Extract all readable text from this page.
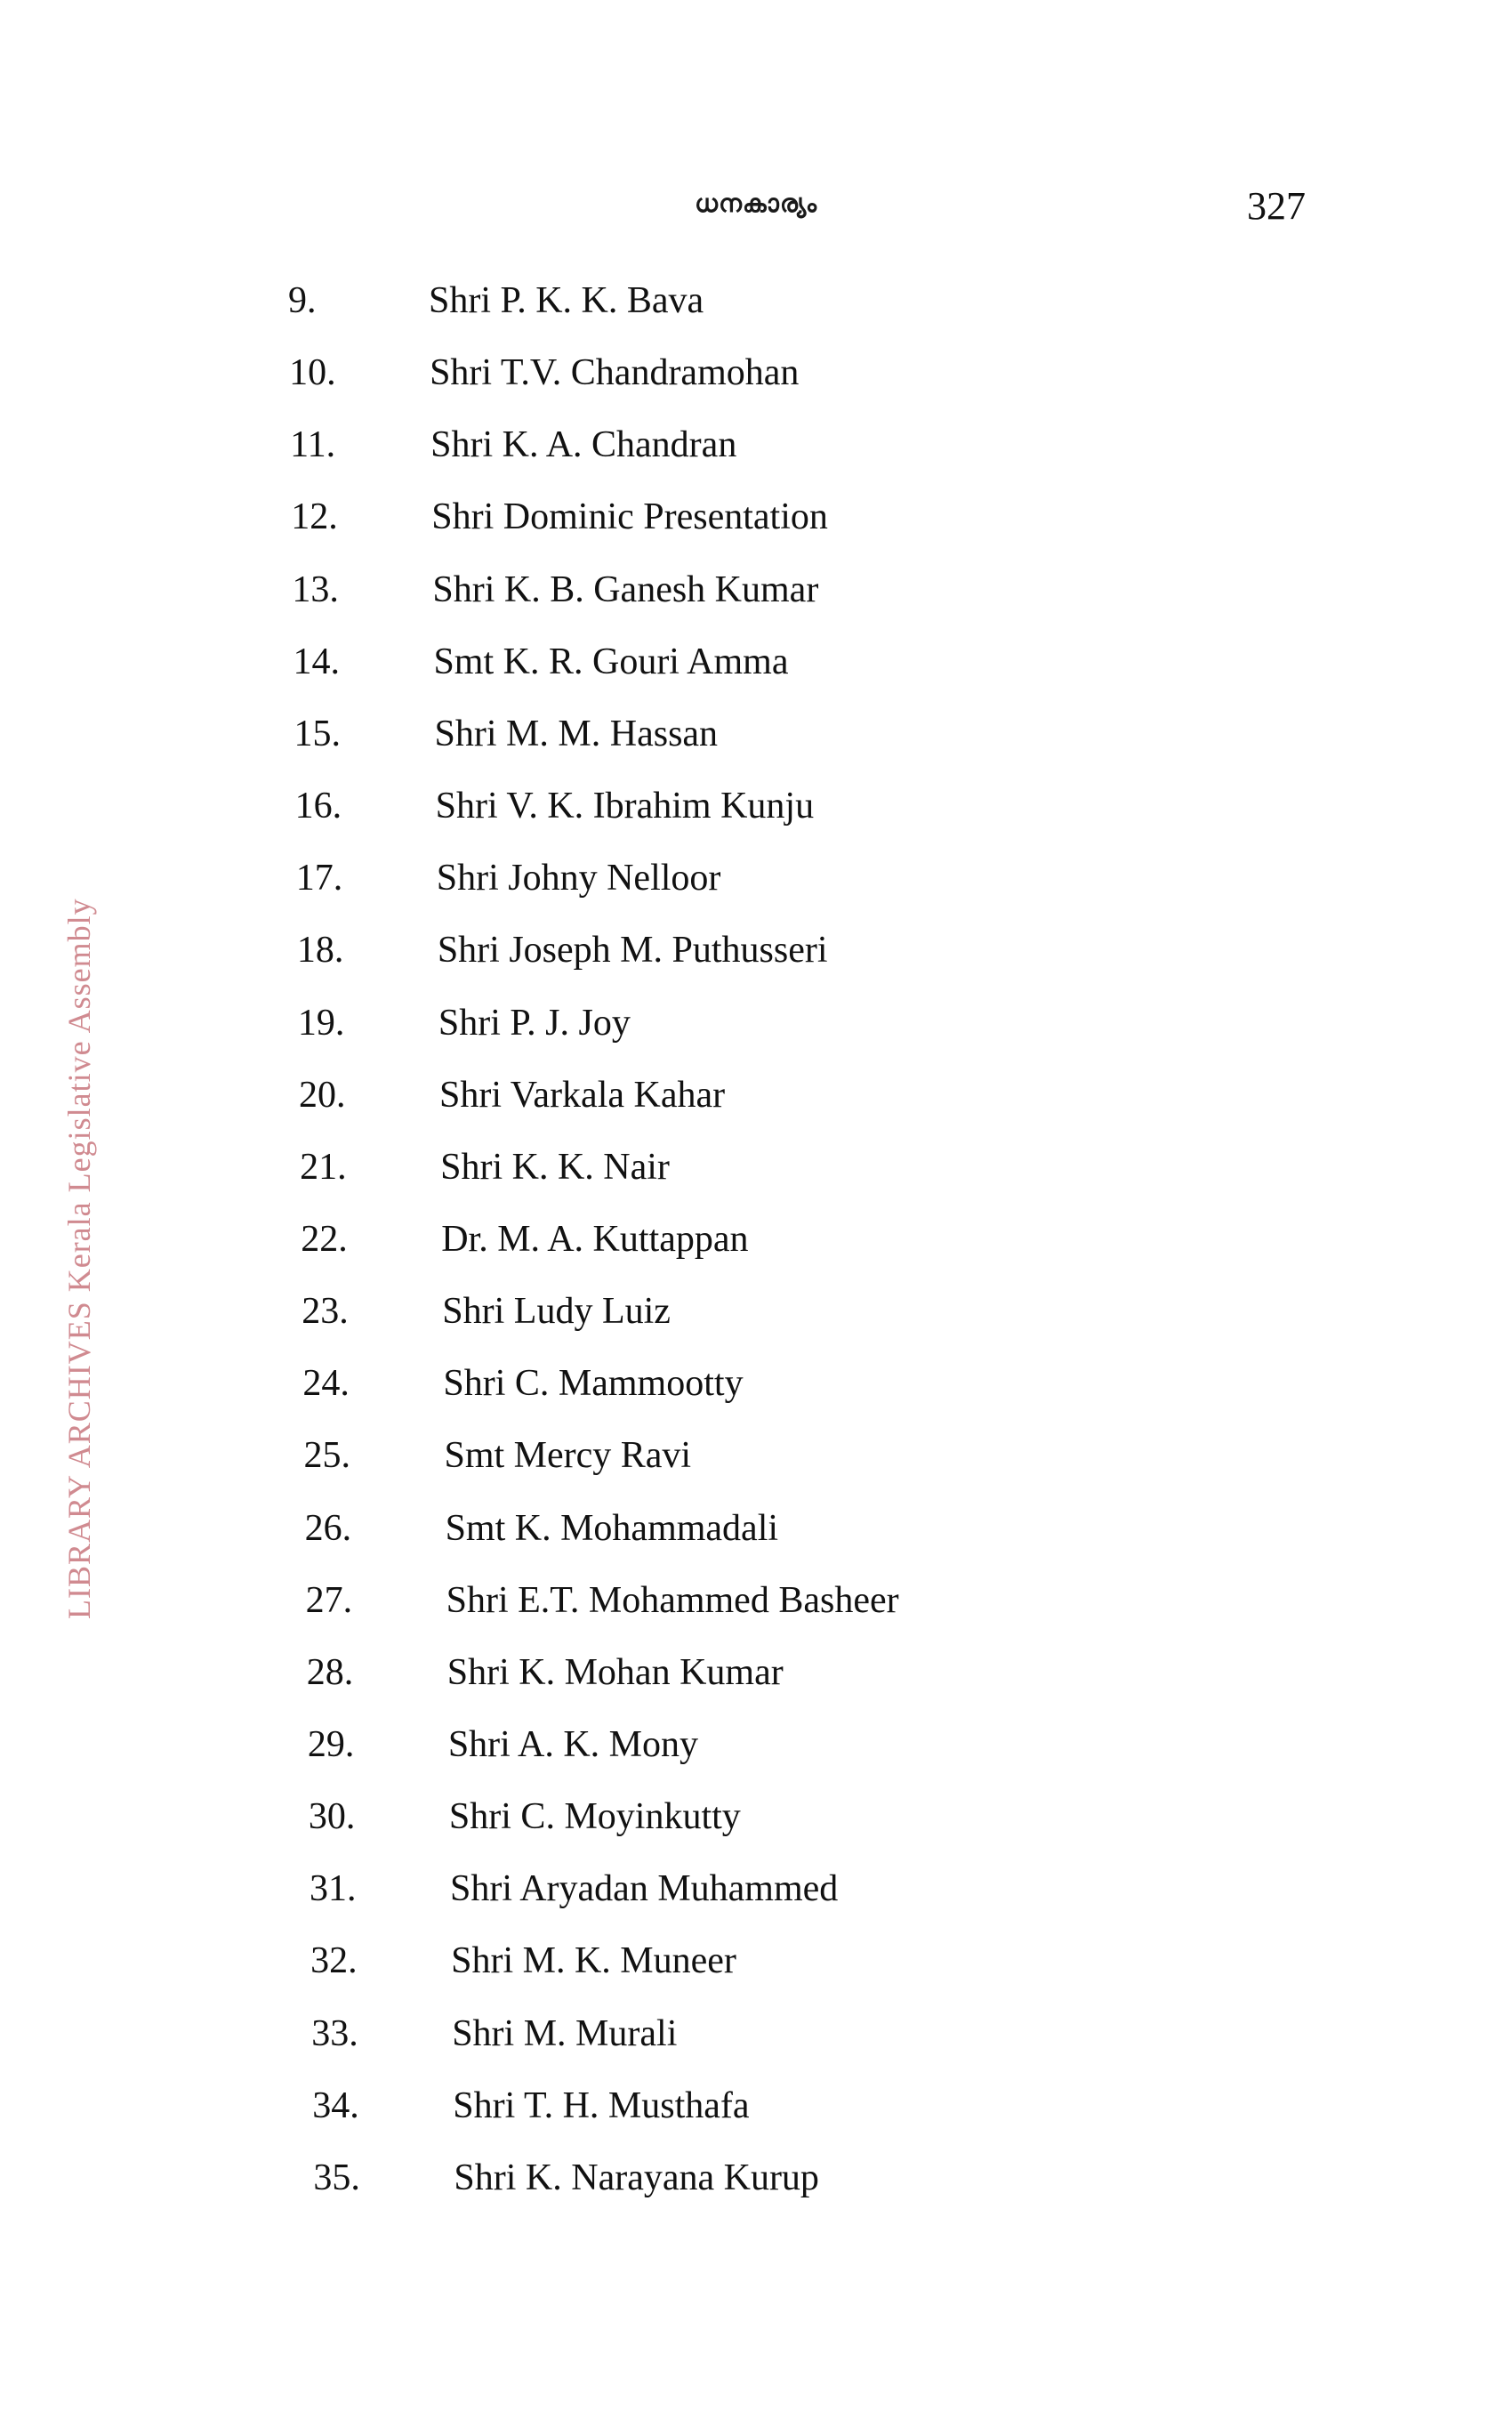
ധനകാര്യം	327
LIBRARY ARCHIVES Kerala Legislative Assembly
9.	Shri P. K. K. Bava
10.	Shri T.V. Chandramohan
11.	Shri K. A. Chandran
12.	Shri Dominic Presentation
13.	Shri K. B. Ganesh Kumar
14.	Smt K. R. Gouri Amma
15.	Shri M. M. Hassan
16.	Shri V. K. Ibrahim Kunju
17.	Shri Johny Nelloor
18.	Shri Joseph M. Puthusseri
19.	Shri P. J. Joy
20.	Shri Varkala Kahar
21.	Shri K. K. Nair
22.	Dr. M. A. Kuttappan
23.	Shri Ludy Luiz
24.	Shri C. Mammootty
25.	Smt Mercy Ravi
26.	Smt K. Mohammadali
27.	Shri E.T. Mohammed Basheer
28.	Shri K. Mohan Kumar
29.	Shri A. K. Mony
30.	Shri C. Moyinkutty
31.	Shri Aryadan Muhammed
32.	Shri M. K. Muneer
33.	Shri M. Murali
34.	Shri T. H. Musthafa
35.	Shri K. Narayana Kurup
